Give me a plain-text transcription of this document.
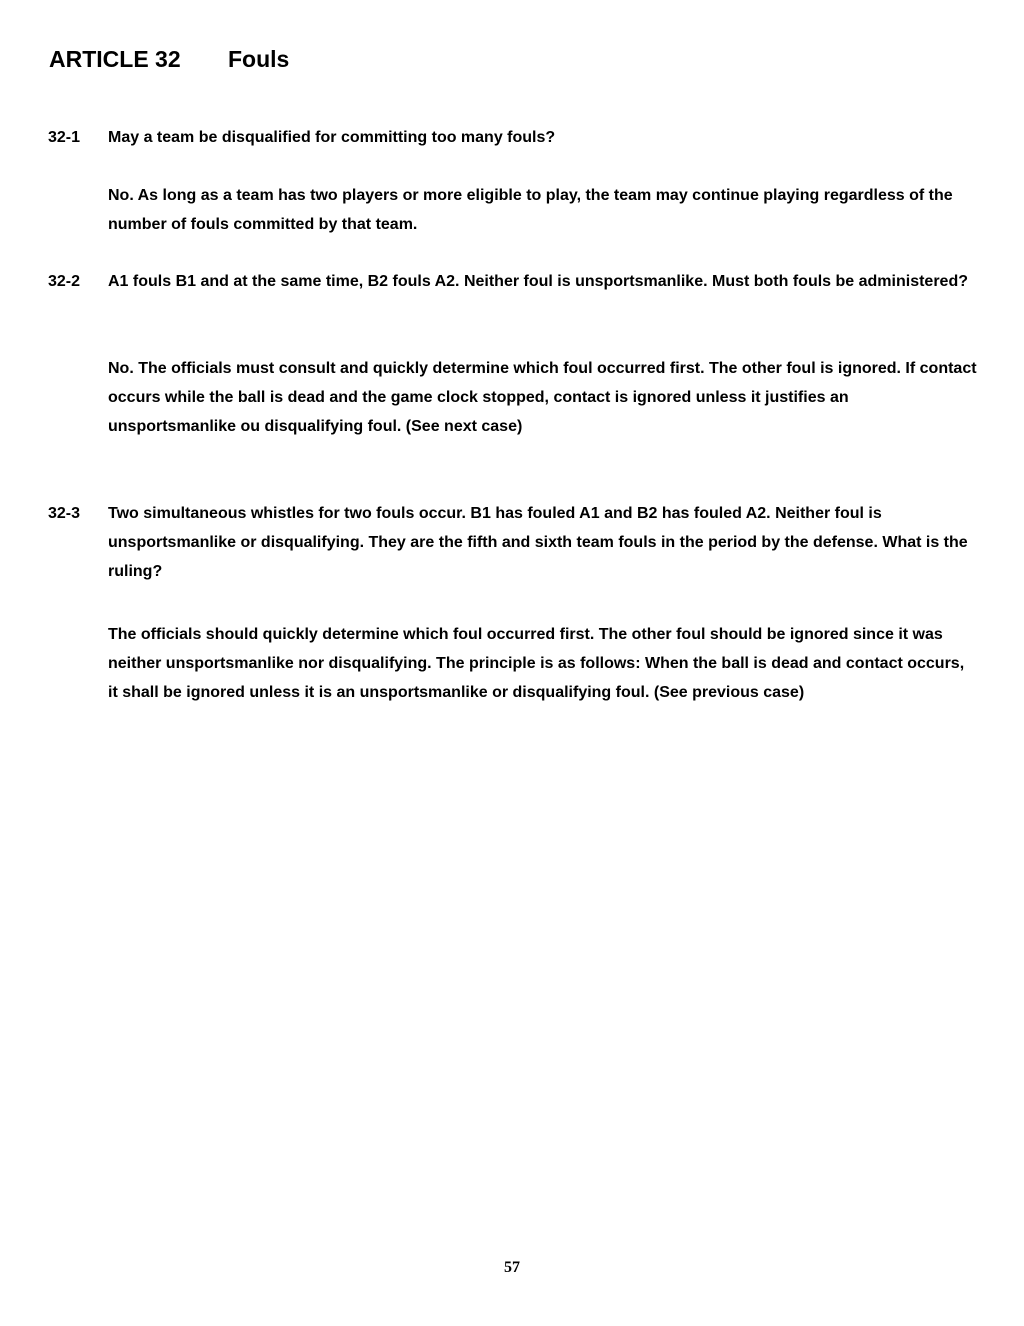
ARTICLE 32 Fouls
32-1 May a team be disqualified for committing too many fouls?

No. As long as a team has two players or more eligible to play, the team may continue playing regardless of the number of fouls committed by that team.

32-2 A1 fouls B1 and at the same time, B2 fouls A2. Neither foul is unsportsmanlike. Must both fouls be administered?

No. The officials must consult and quickly determine which foul occurred first. The other foul is ignored. If contact occurs while the ball is dead and the game clock stopped, contact is ignored unless it justifies an unsportsmanlike ou disqualifying foul. (See next case)

32-3 Two simultaneous whistles for two fouls occur. B1 has fouled A1 and B2 has fouled A2. Neither foul is unsportsmanlike or disqualifying. They are the fifth and sixth team fouls in the period by the defense. What is the ruling?

The officials should quickly determine which foul occurred first. The other foul should be ignored since it was neither unsportsmanlike nor disqualifying. The principle is as follows: When the ball is dead and contact occurs, it shall be ignored unless it is an unsportsmanlike or disqualifying foul. (See previous case)

57
